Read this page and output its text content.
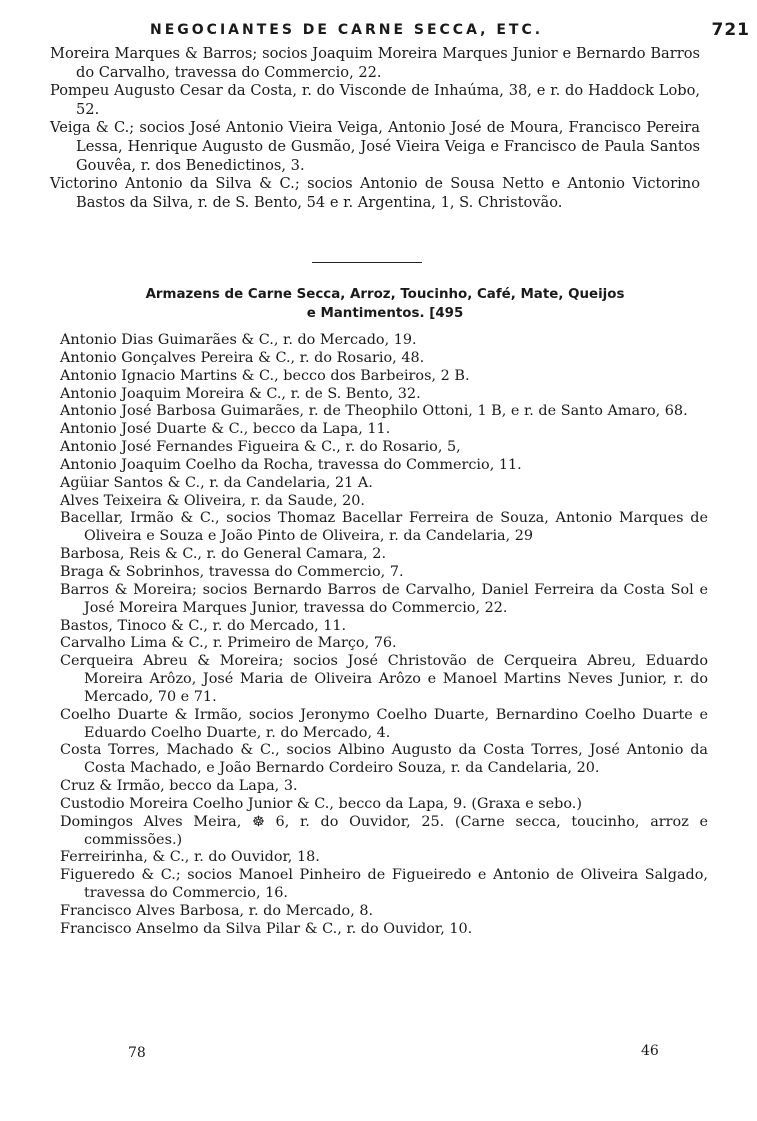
NEGOCIANTES DE CARNE SECCA, ETC.	721

Moreira Marques & Barros; socios Joaquim Moreira Marques Junior e Bernardo Barros do Carvalho, travessa do Commercio, 22.

Pompeu Augusto Cesar da Costa, r. do Visconde de Inhaúma, 38, e r. do Haddock Lobo, 52.

Veiga & C.; socios José Antonio Vieira Veiga, Antonio José de Moura, Francisco Pereira Lessa, Henrique Augusto de Gusmão, José Vieira Veiga e Francisco de Paula Santos Gouvêa, r. dos Benedictinos, 3.

Victorino Antonio da Silva & C.; socios Antonio de Sousa Netto e Antonio Victorino Bastos da Silva, r. de S. Bento, 54 e r. Argentina, 1, S. Christovão.

Armazens de Carne Secca, Arroz, Toucinho, Café, Mate, Queijos
e Mantimentos. [495

Antonio Dias Guimarães & C., r. do Mercado, 19.

Antonio Gonçalves Pereira & C., r. do Rosario, 48.

Antonio Ignacio Martins & C., becco dos Barbeiros, 2 B.

Antonio Joaquim Moreira & C., r. de S. Bento, 32.

Antonio José Barbosa Guimarães, r. de Theophilo Ottoni, 1 B, e r. de Santo Amaro, 68.

Antonio José Duarte & C., becco da Lapa, 11.

Antonio José Fernandes Figueira & C., r. do Rosario, 5,

Antonio Joaquim Coelho da Rocha, travessa do Commercio, 11.

Agüiar Santos & C., r. da Candelaria, 21 A.

Alves Teixeira & Oliveira, r. da Saude, 20.

Bacellar, Irmão & C., socios Thomaz Bacellar Ferreira de Souza, Antonio Marques de Oliveira e Souza e João Pinto de Oliveira, r. da Candelaria, 29

Barbosa, Reis & C., r. do General Camara, 2.

Braga & Sobrinhos, travessa do Commercio, 7.

Barros & Moreira; socios Bernardo Barros de Carvalho, Daniel Ferreira da Costa Sol e José Moreira Marques Junior, travessa do Commercio, 22.

Bastos, Tinoco & C., r. do Mercado, 11.

Carvalho Lima & C., r. Primeiro de Março, 76.

Cerqueira Abreu & Moreira; socios José Christovão de Cerqueira Abreu, Eduardo Moreira Arôzo, José Maria de Oliveira Arôzo e Manoel Martins Neves Junior, r. do Mercado, 70 e 71.

Coelho Duarte & Irmão, socios Jeronymo Coelho Duarte, Bernardino Coelho Duarte e Eduardo Coelho Duarte, r. do Mercado, 4.

Costa Torres, Machado & C., socios Albino Augusto da Costa Torres, José Antonio da Costa Machado, e João Bernardo Cordeiro Souza, r. da Candelaria, 20.

Cruz & Irmão, becco da Lapa, 3.

Custodio Moreira Coelho Junior & C., becco da Lapa, 9. (Graxa e sebo.)

Domingos Alves Meira, ☸ 6, r. do Ouvidor, 25. (Carne secca, toucinho, arroz e commissões.)

Ferreirinha, & C., r. do Ouvidor, 18.

Figueredo & C.; socios Manoel Pinheiro de Figueiredo e Antonio de Oliveira Salgado, travessa do Commercio, 16.

Francisco Alves Barbosa, r. do Mercado, 8.

Francisco Anselmo da Silva Pilar & C., r. do Ouvidor, 10.

78	46
